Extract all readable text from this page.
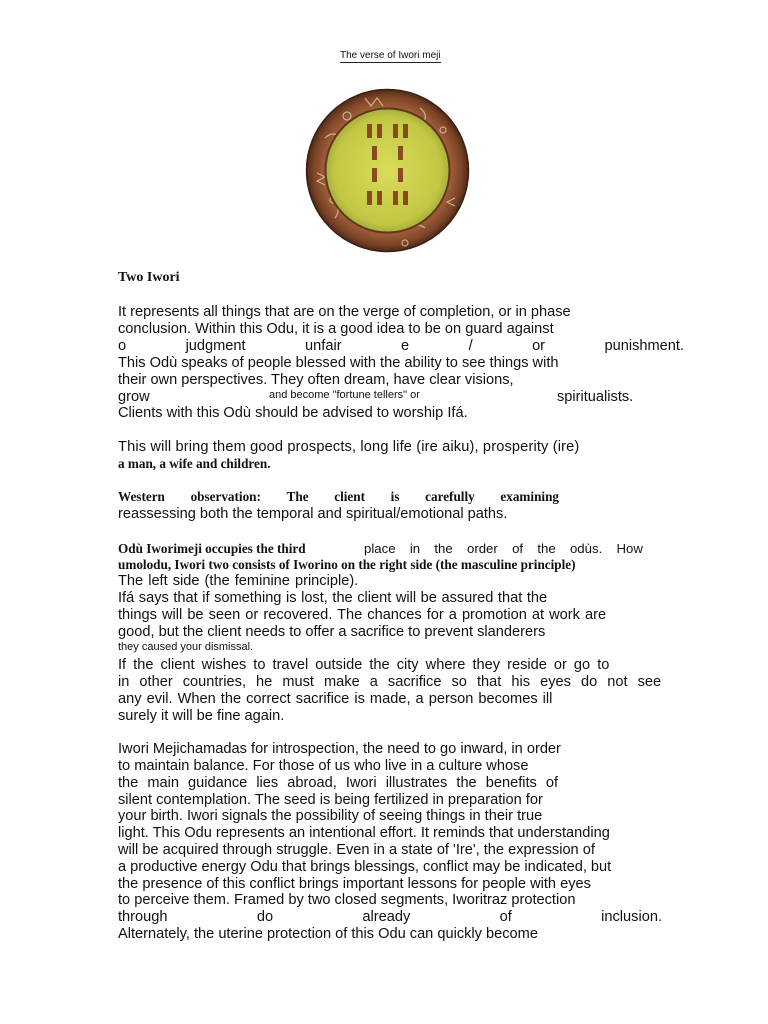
The verse of Iwori meji
Two Iwori
It represents all things that are on the verge of completion, or in phase
conclusion. Within this Odu, it is a good idea to be on guard against
o	judgment	unfair	e	/	or	punishment.
This Odù speaks of people blessed with the ability to see things with
their own perspectives. They often dream, have clear visions,
grow	and become "fortune tellers" or	spiritualists.
Clients with this Odù should be advised to worship Ifá.
This will bring them good prospects, long life (ire aiku), prosperity (ire)
a man, a wife and children.
Western observation: The client is carefully examining
reassessing both the temporal and spiritual/emotional paths.
Odù Iworimeji occupies the third	place in the order of the odùs. How
umolodu, Iwori two consists of Iworino on the right side (the masculine principle)
The left side (the feminine principle).
Ifá says that if something is lost, the client will be assured that the
things will be seen or recovered. The chances for a promotion at work are
good, but the client needs to offer a sacrifice to prevent slanderers
they caused your dismissal.
If the client wishes to travel outside the city where they reside or go to
in other countries, he must make a sacrifice so that his eyes do not see
any evil. When the correct sacrifice is made, a person becomes ill
surely it will be fine again.
Iwori Mejichamadas for introspection, the need to go inward, in order
to maintain balance. For those of us who live in a culture whose
the main guidance lies abroad, Iwori illustrates the benefits of
silent contemplation. The seed is being fertilized in preparation for
your birth. Iwori signals the possibility of seeing things in their true
light. This Odu represents an intentional effort. It reminds that understanding
will be acquired through struggle. Even in a state of 'Ire', the expression of
a productive energy Odu that brings blessings, conflict may be indicated, but
the presence of this conflict brings important lessons for people with eyes
to perceive them. Framed by two closed segments, Iworitraz protection
through	do	already	of	inclusion.
Alternately, the uterine protection of this Odu can quickly become
